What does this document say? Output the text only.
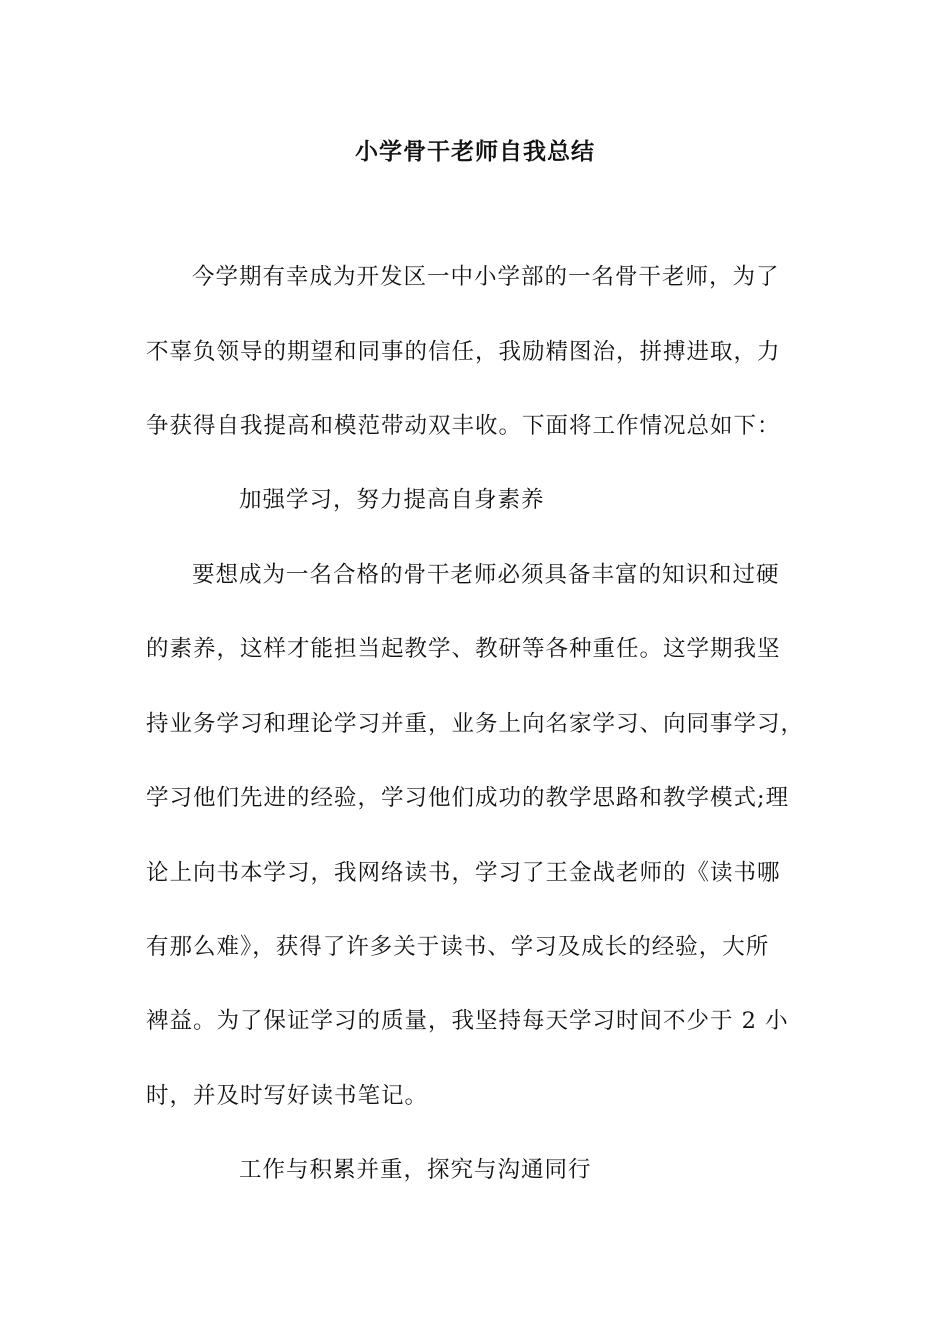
小学骨干老师自我总结
今学期有幸成为开发区一中小学部的一名骨干老师，为了
不辜负领导的期望和同事的信任，我励精图治，拼搏进取，力
争获得自我提高和模范带动双丰收。下面将工作情况总如下：
加强学习，努力提高自身素养
要想成为一名合格的骨干老师必须具备丰富的知识和过硬
的素养，这样才能担当起教学、教研等各种重任。这学期我坚
持业务学习和理论学习并重，业务上向名家学习、向同事学习，
学习他们先进的经验，学习他们成功的教学思路和教学模式;理
论上向书本学习，我网络读书，学习了王金战老师的《读书哪
有那么难》，获得了许多关于读书、学习及成长的经验，大所
裨益。为了保证学习的质量，我坚持每天学习时间不少于 2 小
时，并及时写好读书笔记。
工作与积累并重，探究与沟通同行
